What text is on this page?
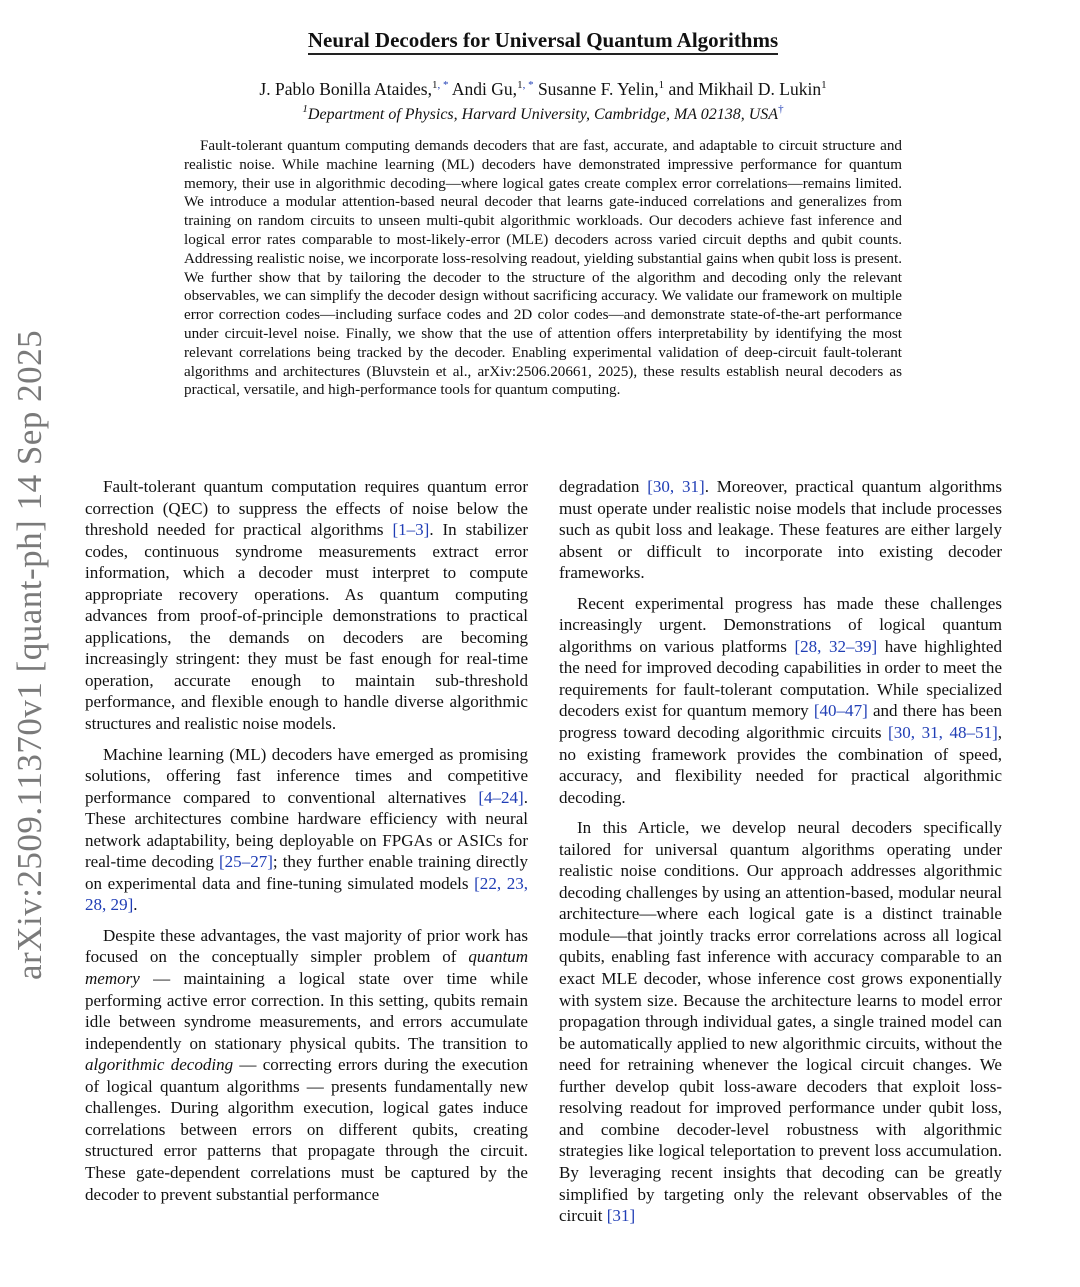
arXiv:2509.11370v1 [quant-ph] 14 Sep 2025
Neural Decoders for Universal Quantum Algorithms
J. Pablo Bonilla Ataides,$^{1, *}$ Andi Gu,$^{1, *}$ Susanne F. Yelin,$^1$ and Mikhail D. Lukin$^1$
$^1$Department of Physics, Harvard University, Cambridge, MA 02138, USA†

Fault-tolerant quantum computing demands decoders that are fast, accurate, and adaptable to circuit structure and realistic noise. While machine learning (ML) decoders have demonstrated impressive performance for quantum memory, their use in algorithmic decoding—where logical gates create complex error correlations—remains limited. We introduce a modular attention-based neural decoder that learns gate-induced correlations and generalizes from training on random circuits to unseen multi-qubit algorithmic workloads. Our decoders achieve fast inference and logical error rates comparable to most-likely-error (MLE) decoders across varied circuit depths and qubit counts. Addressing realistic noise, we incorporate loss-resolving readout, yielding substantial gains when qubit loss is present. We further show that by tailoring the decoder to the structure of the algorithm and decoding only the relevant observables, we can simplify the decoder design without sacrificing accuracy. We validate our framework on multiple error correction codes—including surface codes and 2D color codes—and demonstrate state-of-the-art performance under circuit-level noise. Finally, we show that the use of attention offers interpretability by identifying the most relevant correlations being tracked by the decoder. Enabling experimental validation of deep-circuit fault-tolerant algorithms and architectures (Bluvstein et al., arXiv:2506.20661, 2025), these results establish neural decoders as practical, versatile, and high-performance tools for quantum computing.

Fault-tolerant quantum computation requires quantum error correction (QEC) to suppress the effects of noise below the threshold needed for practical algorithms [1–3]. In stabilizer codes, continuous syndrome measurements extract error information, which a decoder must interpret to compute appropriate recovery operations. As quantum computing advances from proof-of-principle demonstrations to practical applications, the demands on decoders are becoming increasingly stringent: they must be fast enough for real-time operation, accurate enough to maintain sub-threshold performance, and flexible enough to handle diverse algorithmic structures and realistic noise models.

Machine learning (ML) decoders have emerged as promising solutions, offering fast inference times and competitive performance compared to conventional alternatives [4–24]. These architectures combine hardware efficiency with neural network adaptability, being deployable on FPGAs or ASICs for real-time decoding [25–27]; they further enable training directly on experimental data and fine-tuning simulated models [22, 23, 28, 29].

Despite these advantages, the vast majority of prior work has focused on the conceptually simpler problem of quantum memory — maintaining a logical state over time while performing active error correction. In this setting, qubits remain idle between syndrome measurements, and errors accumulate independently on stationary physical qubits. The transition to algorithmic decoding — correcting errors during the execution of logical quantum algorithms — presents fundamentally new challenges. During algorithm execution, logical gates induce correlations between errors on different qubits, creating structured error patterns that propagate through the circuit. These gate-dependent correlations must be captured by the decoder to prevent substantial performance

degradation [30, 31]. Moreover, practical quantum algorithms must operate under realistic noise models that include processes such as qubit loss and leakage. These features are either largely absent or difficult to incorporate into existing decoder frameworks.

Recent experimental progress has made these challenges increasingly urgent. Demonstrations of logical quantum algorithms on various platforms [28, 32–39] have highlighted the need for improved decoding capabilities in order to meet the requirements for fault-tolerant computation. While specialized decoders exist for quantum memory [40–47] and there has been progress toward decoding algorithmic circuits [30, 31, 48–51], no existing framework provides the combination of speed, accuracy, and flexibility needed for practical algorithmic decoding.

In this Article, we develop neural decoders specifically tailored for universal quantum algorithms operating under realistic noise conditions. Our approach addresses algorithmic decoding challenges by using an attention-based, modular neural architecture—where each logical gate is a distinct trainable module—that jointly tracks error correlations across all logical qubits, enabling fast inference with accuracy comparable to an exact MLE decoder, whose inference cost grows exponentially with system size. Because the architecture learns to model error propagation through individual gates, a single trained model can be automatically applied to new algorithmic circuits, without the need for retraining whenever the logical circuit changes. We further develop qubit loss-aware decoders that exploit loss-resolving readout for improved performance under qubit loss, and combine decoder-level robustness with algorithmic strategies like logical teleportation to prevent loss accumulation. By leveraging recent insights that decoding can be greatly simplified by targeting only the relevant observables of the circuit [31]
